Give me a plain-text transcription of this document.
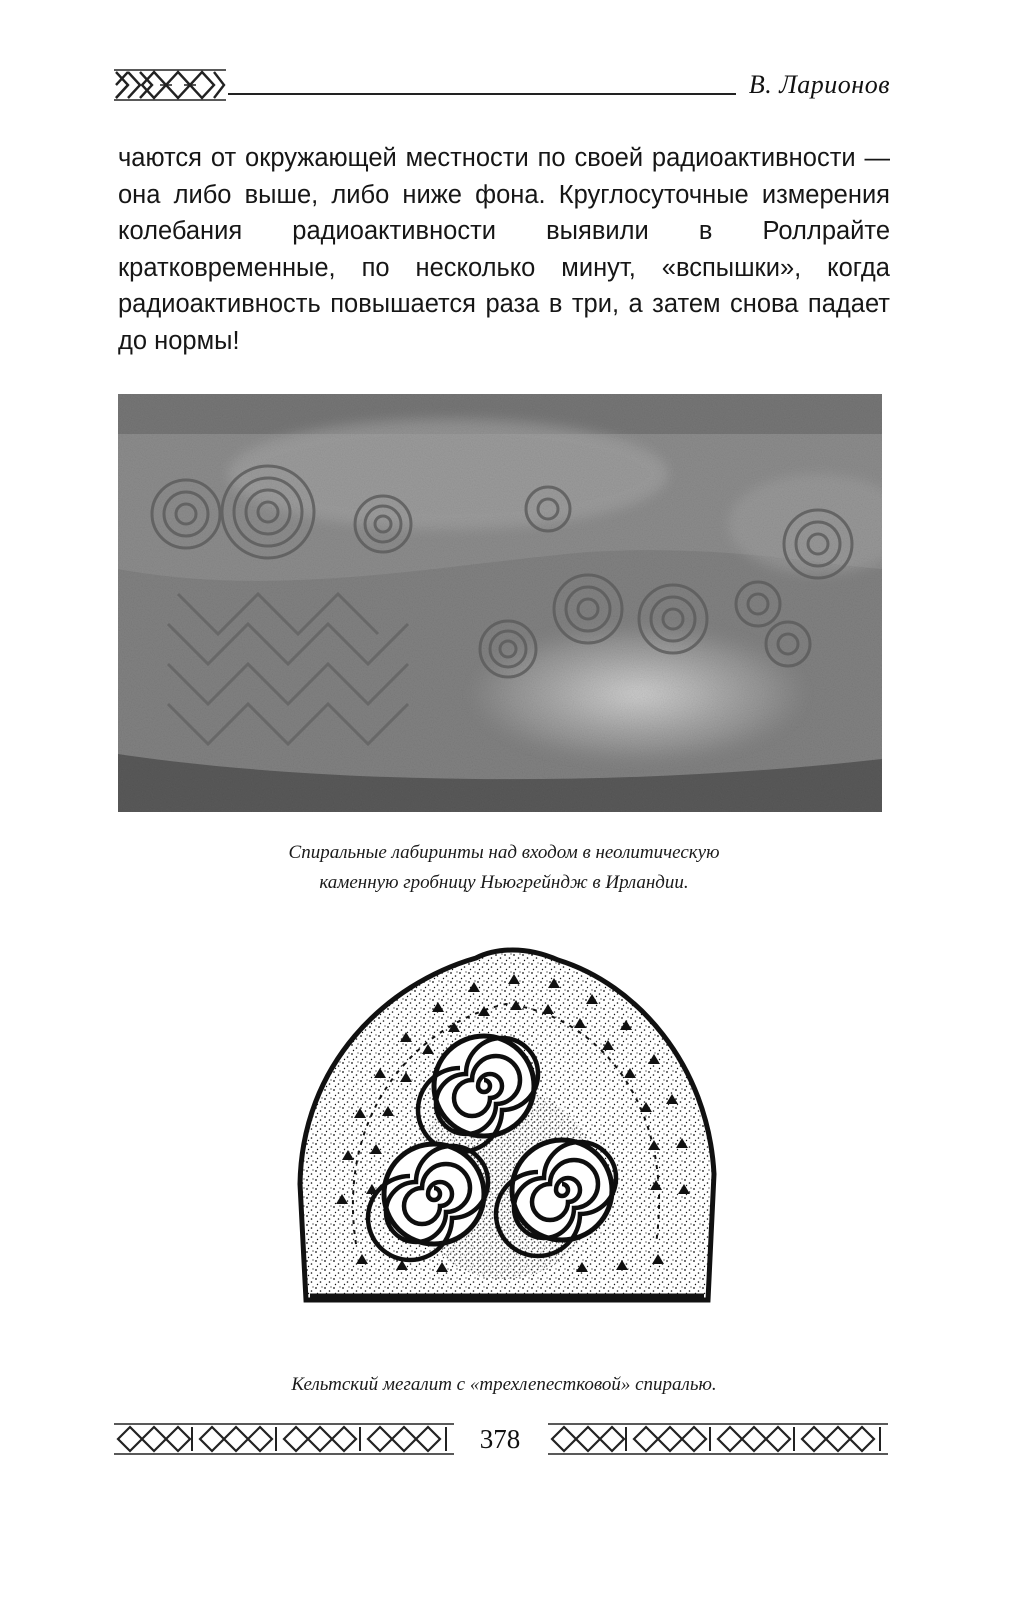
В. Ларионов

чаются от окружающей местности по своей радиоактивности — она либо выше, либо ниже фона. Круглосуточные измерения колебания радиоактивности выявили в Роллрайте кратковременные, по несколько минут, «вспышки», когда радиоактивность повышается раза в три, а затем снова падает до нормы!

Спиральные лабиринты над входом в неолитическую
каменную гробницу Ньюгрейндж в Ирландии.
Кельтский мегалит с «трехлепестковой» спиралью.
378
